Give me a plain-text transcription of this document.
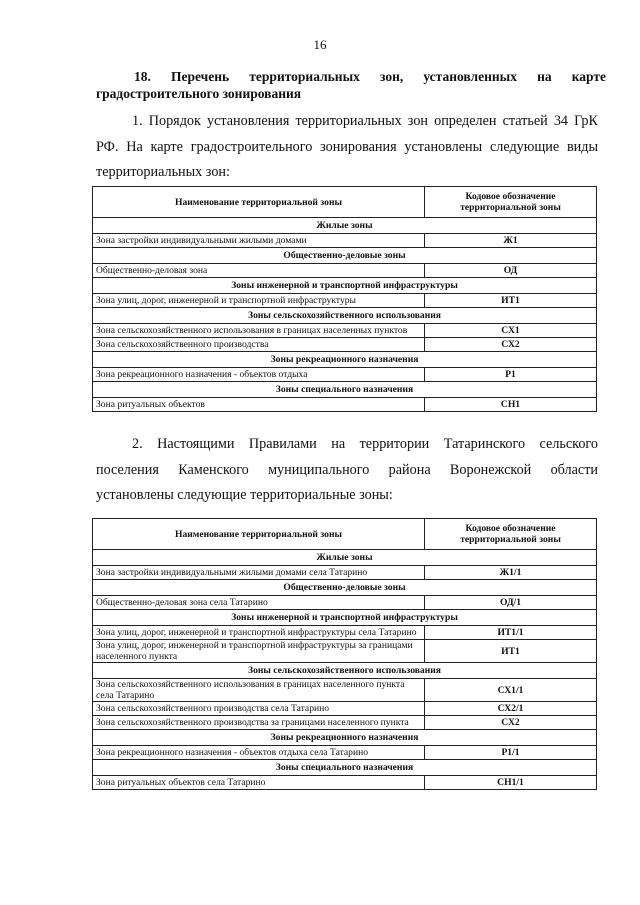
16
18. Перечень территориальных зон, установленных на карте
градостроительного зонирования
1. Порядок установления территориальных зон определен статьей 34 ГрК РФ. На карте градостроительного зонирования установлены следующие виды территориальных зон:
Наименование территориальной зоны	Кодовое обозначение территориальной зоны
Жилые зоны	
Зона застройки индивидуальными жилыми домами	Ж1
Общественно-деловые зоны	
Общественно-деловая зона	ОД
Зоны инженерной и транспортной инфраструктуры	
Зона улиц, дорог, инженерной и транспортной инфраструктуры	ИТ1
Зоны сельскохозяйственного использования	
Зона сельскохозяйственного использования в границах населенных пунктов	СХ1
Зона сельскохозяйственного производства	СХ2
Зоны рекреационного назначения	
Зона рекреационного назначения - объектов отдыха	Р1
Зоны специального назначения	
Зона ритуальных объектов	СН1
2. Настоящими Правилами на территории Татаринского сельского поселения Каменского муниципального района Воронежской области установлены следующие территориальные зоны:
Наименование территориальной зоны	Кодовое обозначение территориальной зоны
Жилые зоны	
Зона застройки индивидуальными жилыми домами села Татарино	Ж1/1
Общественно-деловые зоны	
Общественно-деловая зона села Татарино	ОД/1
Зоны инженерной и транспортной инфраструктуры	
Зона улиц, дорог, инженерной и транспортной инфраструктуры села Татарино	ИТ1/1
Зона улиц, дорог, инженерной и транспортной инфраструктуры за границами населенного пункта	ИТ1
Зоны сельскохозяйственного использования	
Зона сельскохозяйственного использования в границах населенного пункта села Татарино	СХ1/1
Зона сельскохозяйственного производства села Татарино	СХ2/1
Зона сельскохозяйственного производства за границами населенного пункта	СХ2
Зоны рекреационного назначения	
Зона рекреационного назначения - объектов отдыха села Татарино	Р1/1
Зоны специального назначения	
Зона ритуальных объектов села Татарино	СН1/1
